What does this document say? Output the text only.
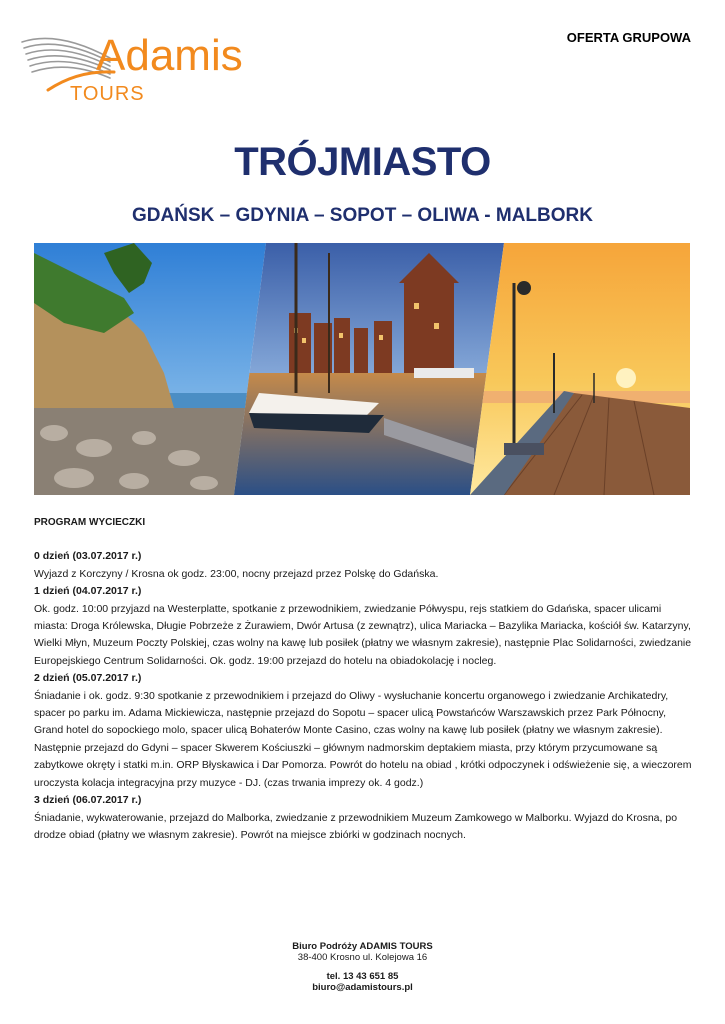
Adamis
TOURS
OFERTA GRUPOWA
TRÓJMIASTO
GDAŃSK – GDYNIA – SOPOT – OLIWA - MALBORK
PROGRAM WYCIECZKI
0 dzień (03.07.2017 r.)

Wyjazd z Korczyny / Krosna ok godz. 23:00, nocny przejazd przez Polskę do Gdańska.

1 dzień (04.07.2017 r.)

Ok. godz. 10:00 przyjazd na Westerplatte, spotkanie z przewodnikiem, zwiedzanie Półwyspu, rejs statkiem do Gdańska, spacer ulicami miasta: Droga Królewska, Długie Pobrzeże z Żurawiem, Dwór Artusa (z zewnątrz), ulica Mariacka – Bazylika Mariacka, kościół św. Katarzyny, Wielki Młyn, Muzeum Poczty Polskiej, czas wolny na kawę lub posiłek (płatny we własnym zakresie), następnie Plac Solidarności, zwiedzanie Europejskiego Centrum Solidarności. Ok. godz. 19:00 przejazd do hotelu na obiadokolację i nocleg.

2 dzień (05.07.2017 r.)

Śniadanie i ok. godz. 9:30 spotkanie z przewodnikiem i przejazd do Oliwy - wysłuchanie koncertu organowego i zwiedzanie Archikatedry, spacer po parku im. Adama Mickiewicza, następnie przejazd do Sopotu – spacer ulicą Powstańców Warszawskich przez Park Północny, Grand hotel do sopockiego molo, spacer ulicą Bohaterów Monte Casino, czas wolny na kawę lub posiłek (płatny we własnym zakresie). Następnie przejazd do Gdyni – spacer Skwerem Kościuszki – głównym nadmorskim deptakiem miasta, przy którym przycumowane są zabytkowe okręty i statki m.in. ORP Błyskawica i Dar Pomorza. Powrót do hotelu na obiad , krótki odpoczynek i odświeżenie się, a wieczorem uroczysta kolacja integracyjna przy muzyce - DJ. (czas trwania imprezy ok. 4 godz.)

3 dzień (06.07.2017 r.)

Śniadanie, wykwaterowanie, przejazd do Malborka, zwiedzanie z przewodnikiem Muzeum Zamkowego w Malborku. Wyjazd do Krosna, po drodze obiad (płatny we własnym zakresie). Powrót na miejsce zbiórki w godzinach nocnych.

Biuro Podróży ADAMIS TOURS
38-400 Krosno ul. Kolejowa 16
tel. 13 43 651 85
biuro@adamistours.pl
